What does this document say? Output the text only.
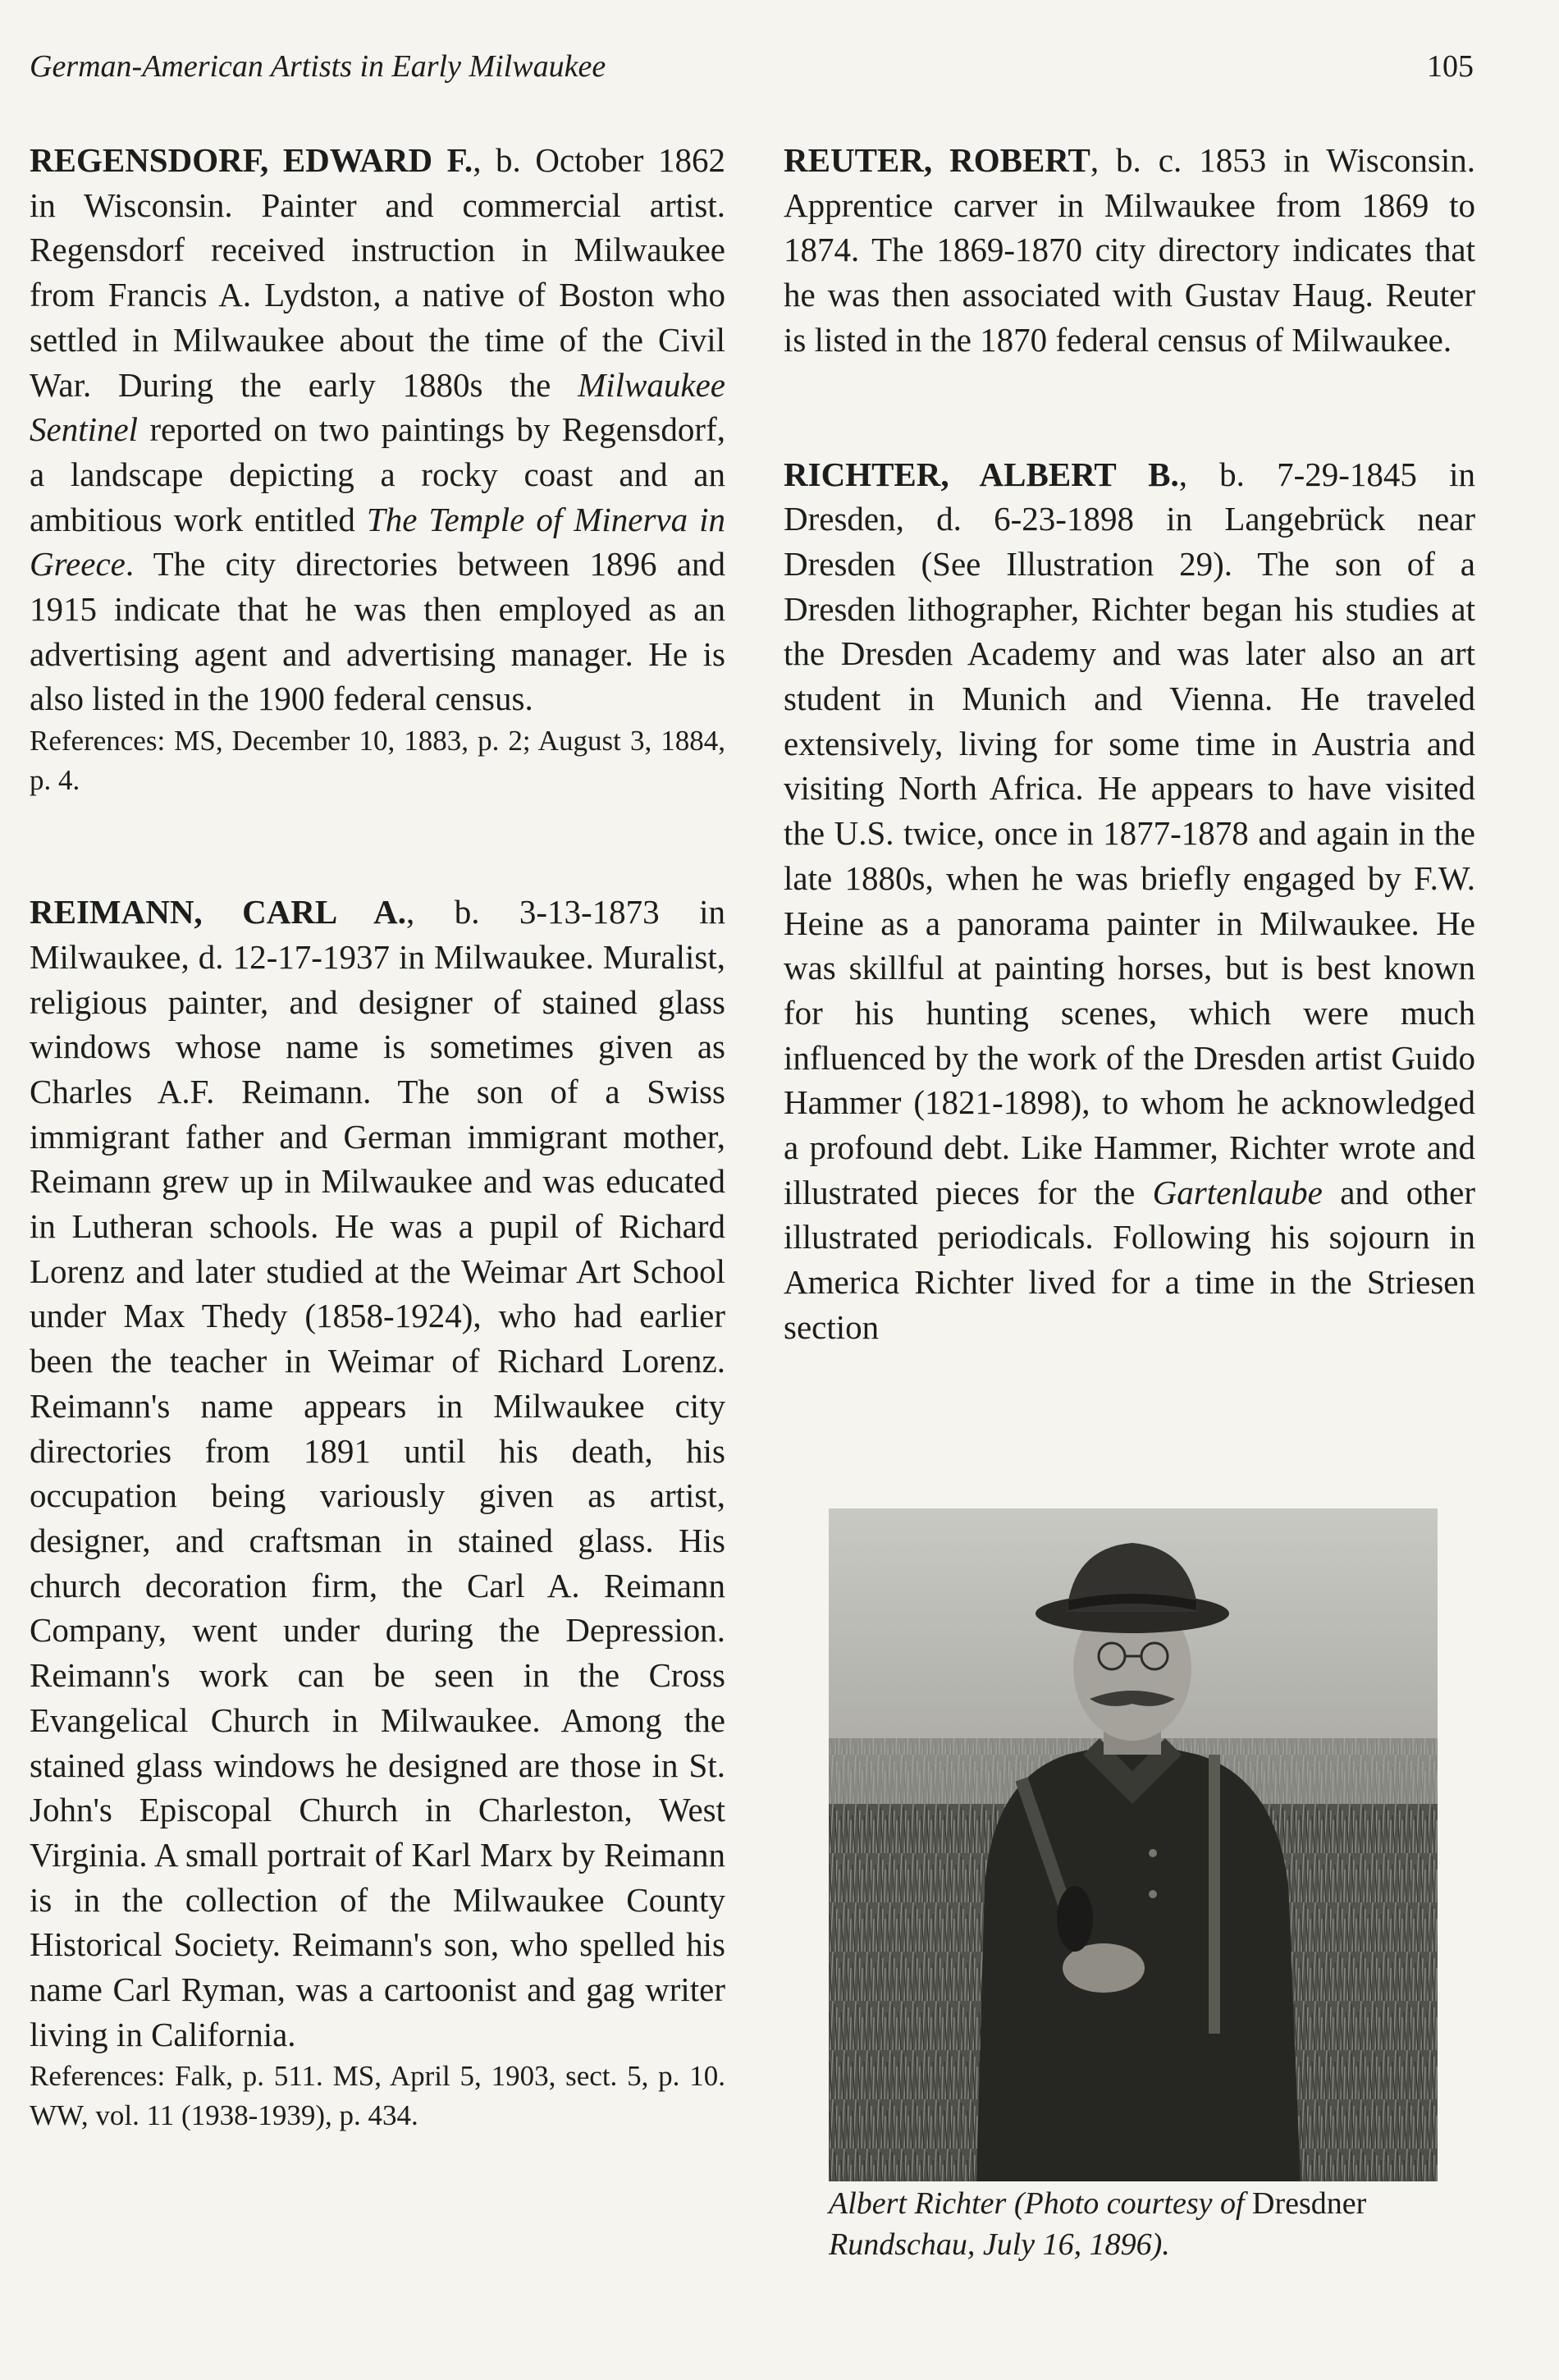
German-American Artists in Early Milwaukee	105

REGENSDORF, EDWARD F., b. October 1862 in Wisconsin. Painter and commercial artist. Regensdorf received instruction in Milwaukee from Francis A. Lydston, a native of Boston who settled in Milwaukee about the time of the Civil War. During the early 1880s the Milwaukee Sentinel reported on two paintings by Regensdorf, a landscape depicting a rocky coast and an ambitious work entitled The Temple of Minerva in Greece. The city directories between 1896 and 1915 indicate that he was then employed as an advertising agent and advertising manager. He is also listed in the 1900 federal census.

References: MS, December 10, 1883, p. 2; August 3, 1884, p. 4.

REIMANN, CARL A., b. 3-13-1873 in Milwaukee, d. 12-17-1937 in Milwaukee. Muralist, religious painter, and designer of stained glass windows whose name is sometimes given as Charles A.F. Reimann. The son of a Swiss immigrant father and German immigrant mother, Reimann grew up in Milwaukee and was educated in Lutheran schools. He was a pupil of Richard Lorenz and later studied at the Weimar Art School under Max Thedy (1858-1924), who had earlier been the teacher in Weimar of Richard Lorenz. Reimann's name appears in Milwaukee city directories from 1891 until his death, his occupation being variously given as artist, designer, and craftsman in stained glass. His church decoration firm, the Carl A. Reimann Company, went under during the Depression. Reimann's work can be seen in the Cross Evangelical Church in Milwaukee. Among the stained glass windows he designed are those in St. John's Episcopal Church in Charleston, West Virginia. A small portrait of Karl Marx by Reimann is in the collection of the Milwaukee County Historical Society. Reimann's son, who spelled his name Carl Ryman, was a cartoonist and gag writer living in California.

References: Falk, p. 511. MS, April 5, 1903, sect. 5, p. 10. WW, vol. 11 (1938-1939), p. 434.

REUTER, ROBERT, b. c. 1853 in Wisconsin. Apprentice carver in Milwaukee from 1869 to 1874. The 1869-1870 city directory indicates that he was then associated with Gustav Haug. Reuter is listed in the 1870 federal census of Milwaukee.

RICHTER, ALBERT B., b. 7-29-1845 in Dresden, d. 6-23-1898 in Langebrück near Dresden (See Illustration 29). The son of a Dresden lithographer, Richter began his studies at the Dresden Academy and was later also an art student in Munich and Vienna. He traveled extensively, living for some time in Austria and visiting North Africa. He appears to have visited the U.S. twice, once in 1877-1878 and again in the late 1880s, when he was briefly engaged by F.W. Heine as a panorama painter in Milwaukee. He was skillful at painting horses, but is best known for his hunting scenes, which were much influenced by the work of the Dresden artist Guido Hammer (1821-1898), to whom he acknowledged a profound debt. Like Hammer, Richter wrote and illustrated pieces for the Gartenlaube and other illustrated periodicals. Following his sojourn in America Richter lived for a time in the Striesen section

Albert Richter (Photo courtesy of Dresdner Rundschau, July 16, 1896).
